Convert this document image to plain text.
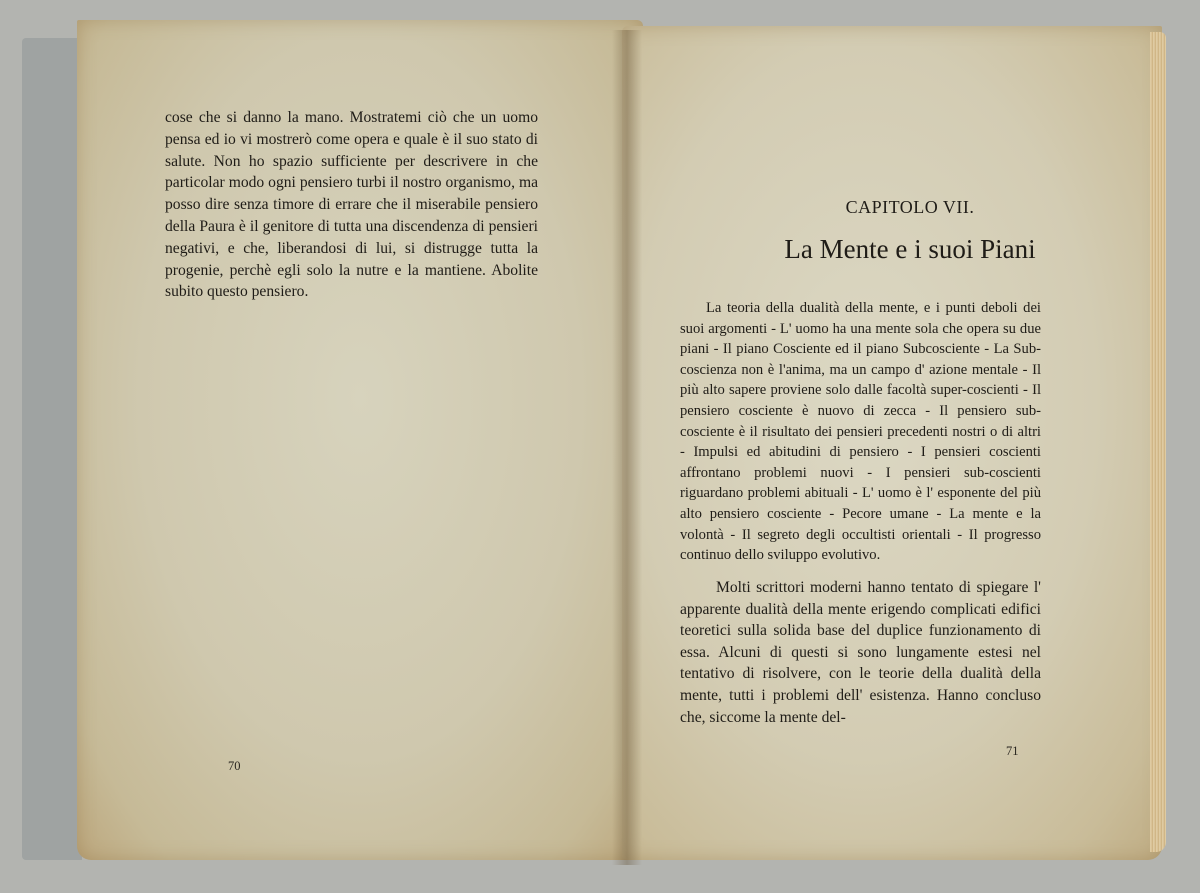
cose che si danno la mano. Mostratemi ciò che un uomo pensa ed io vi mostrerò come opera e quale è il suo stato di salute. Non ho spazio sufficiente per descrivere in che particolar modo ogni pensiero turbi il nostro organismo, ma posso dire senza timore di errare che il miserabile pensiero della Paura è il genitore di tutta una discendenza di pensieri negativi, e che, liberandosi di lui, si distrugge tutta la progenie, perchè egli solo la nutre e la mantiene. Abolite subito questo pensiero.

70
CAPITOLO VII.
La Mente e i suoi Piani

La teoria della dualità della mente, e i punti deboli dei suoi argomenti - L' uomo ha una mente sola che opera su due piani - Il piano Cosciente ed il piano Subcosciente - La Sub-coscienza non è l'anima, ma un campo d' azione mentale - Il più alto sapere proviene solo dalle facoltà super-coscienti - Il pensiero cosciente è nuovo di zecca - Il pensiero sub-cosciente è il risultato dei pensieri precedenti nostri o di altri - Impulsi ed abitudini di pensiero - I pensieri coscienti affrontano problemi nuovi - I pensieri sub-coscienti riguardano problemi abituali - L' uomo è l' esponente del più alto pensiero cosciente - Pecore umane - La mente e la volontà - Il segreto degli occultisti orientali - Il progresso continuo dello sviluppo evolutivo.

Molti scrittori moderni hanno tentato di spiegare l' apparente dualità della mente erigendo complicati edifici teoretici sulla solida base del duplice funzionamento di essa. Alcuni di questi si sono lungamente estesi nel tentativo di risolvere, con le teorie della dualità della mente, tutti i problemi dell' esistenza. Hanno concluso che, siccome la mente del-

71
